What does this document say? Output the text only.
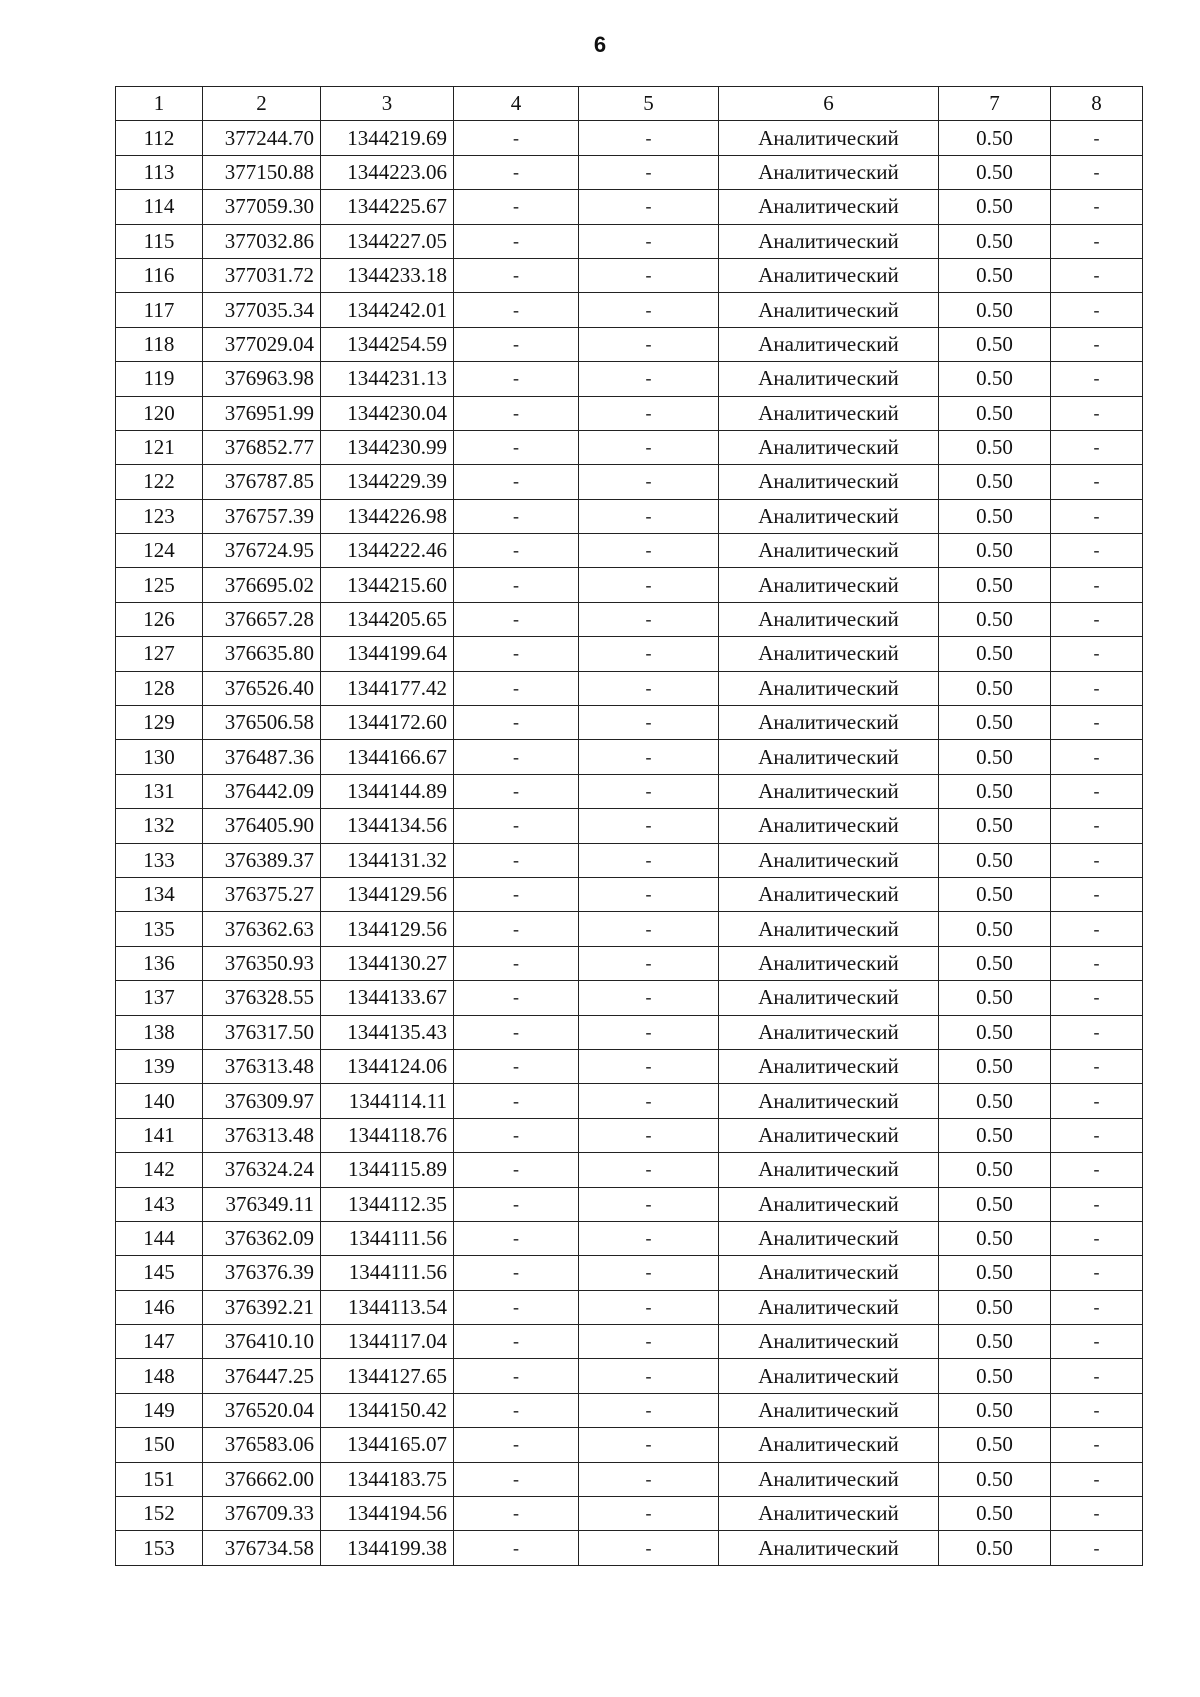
6
1	2	3	4	5	6	7	8
112	377244.70	1344219.69	-	-	Аналитический	0.50	-
113	377150.88	1344223.06	-	-	Аналитический	0.50	-
114	377059.30	1344225.67	-	-	Аналитический	0.50	-
115	377032.86	1344227.05	-	-	Аналитический	0.50	-
116	377031.72	1344233.18	-	-	Аналитический	0.50	-
117	377035.34	1344242.01	-	-	Аналитический	0.50	-
118	377029.04	1344254.59	-	-	Аналитический	0.50	-
119	376963.98	1344231.13	-	-	Аналитический	0.50	-
120	376951.99	1344230.04	-	-	Аналитический	0.50	-
121	376852.77	1344230.99	-	-	Аналитический	0.50	-
122	376787.85	1344229.39	-	-	Аналитический	0.50	-
123	376757.39	1344226.98	-	-	Аналитический	0.50	-
124	376724.95	1344222.46	-	-	Аналитический	0.50	-
125	376695.02	1344215.60	-	-	Аналитический	0.50	-
126	376657.28	1344205.65	-	-	Аналитический	0.50	-
127	376635.80	1344199.64	-	-	Аналитический	0.50	-
128	376526.40	1344177.42	-	-	Аналитический	0.50	-
129	376506.58	1344172.60	-	-	Аналитический	0.50	-
130	376487.36	1344166.67	-	-	Аналитический	0.50	-
131	376442.09	1344144.89	-	-	Аналитический	0.50	-
132	376405.90	1344134.56	-	-	Аналитический	0.50	-
133	376389.37	1344131.32	-	-	Аналитический	0.50	-
134	376375.27	1344129.56	-	-	Аналитический	0.50	-
135	376362.63	1344129.56	-	-	Аналитический	0.50	-
136	376350.93	1344130.27	-	-	Аналитический	0.50	-
137	376328.55	1344133.67	-	-	Аналитический	0.50	-
138	376317.50	1344135.43	-	-	Аналитический	0.50	-
139	376313.48	1344124.06	-	-	Аналитический	0.50	-
140	376309.97	1344114.11	-	-	Аналитический	0.50	-
141	376313.48	1344118.76	-	-	Аналитический	0.50	-
142	376324.24	1344115.89	-	-	Аналитический	0.50	-
143	376349.11	1344112.35	-	-	Аналитический	0.50	-
144	376362.09	1344111.56	-	-	Аналитический	0.50	-
145	376376.39	1344111.56	-	-	Аналитический	0.50	-
146	376392.21	1344113.54	-	-	Аналитический	0.50	-
147	376410.10	1344117.04	-	-	Аналитический	0.50	-
148	376447.25	1344127.65	-	-	Аналитический	0.50	-
149	376520.04	1344150.42	-	-	Аналитический	0.50	-
150	376583.06	1344165.07	-	-	Аналитический	0.50	-
151	376662.00	1344183.75	-	-	Аналитический	0.50	-
152	376709.33	1344194.56	-	-	Аналитический	0.50	-
153	376734.58	1344199.38	-	-	Аналитический	0.50	-
